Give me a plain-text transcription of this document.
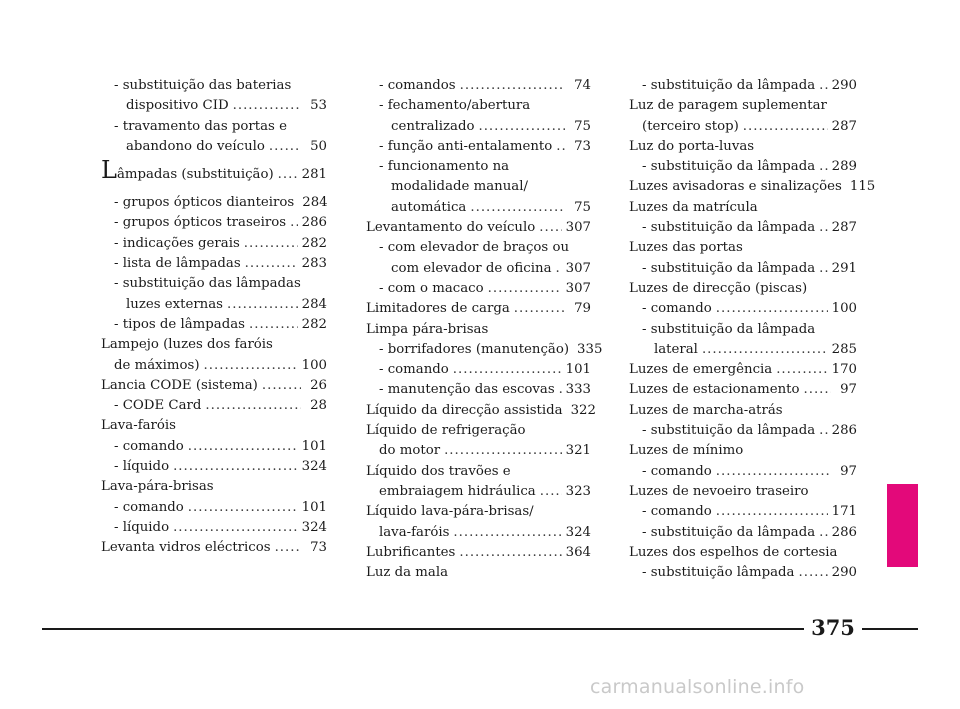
- substituição das baterias
dispositivo CID .....	53
- travamento das portas e
abandono do veículo .....	50
Lâmpadas (substituição) ..... 281
- grupos ópticos dianteiros 284
- grupos ópticos traseiros ..... 286
- indicações gerais .....	282
- lista de lâmpadas .....	283
- substituição das lâmpadas
luzes externas .....	284
- tipos de lâmpadas .....	282
Lampejo (luzes dos faróis
de máximos) .....	100
Lancia CODE (sistema) .....	26
- CODE Card .....	28
Lava-faróis
- comando .....	101
- líquido .....	324
Lava-pára-brisas
- comando .....	101
- líquido .....	324
Levanta vidros eléctricos .....	73
- comandos .....	74
- fechamento/abertura
centralizado .....	75
- função anti-entalamento .....	73
- funcionamento na
modalidade manual/
automática .....	75
Levantamento do veículo ..... 307
- com elevador de braços ou
com elevador de oficina ..... 307
- com o macaco .....	307
Limitadores de carga .....	79
Limpa pára-brisas
- borrifadores (manutenção) 335
- comando .....	101
- manutenção das escovas ..... 333
Líquido da direcção assistida 322
Líquido de refrigeração
do motor .....	321
Líquido dos travões e
embraiagem hidráulica ..... 323
Líquido lava-pára-brisas/
lava-faróis .....	324
Lubrificantes .....	364
Luz da mala
- substituição da lâmpada ..... 290
Luz de paragem suplementar
(terceiro stop) .....	287
Luz do porta-luvas
- substituição da lâmpada ..... 289
Luzes avisadoras e sinalizações 115
Luzes da matrícula
- substituição da lâmpada ..... 287
Luzes das portas
- substituição da lâmpada ..... 291
Luzes de direcção (piscas)
- comando .....	100
- substituição da lâmpada
lateral .....	285
Luzes de emergência .....	170
Luzes de estacionamento .....	97
Luzes de marcha-atrás
- substituição da lâmpada ..... 286
Luzes de mínimo
- comando .....	97
Luzes de nevoeiro traseiro
- comando .....	171
- substituição da lâmpada ..... 286
Luzes dos espelhos de cortesia
- substituição lâmpada .....	290
375
carmanualsonline.info
